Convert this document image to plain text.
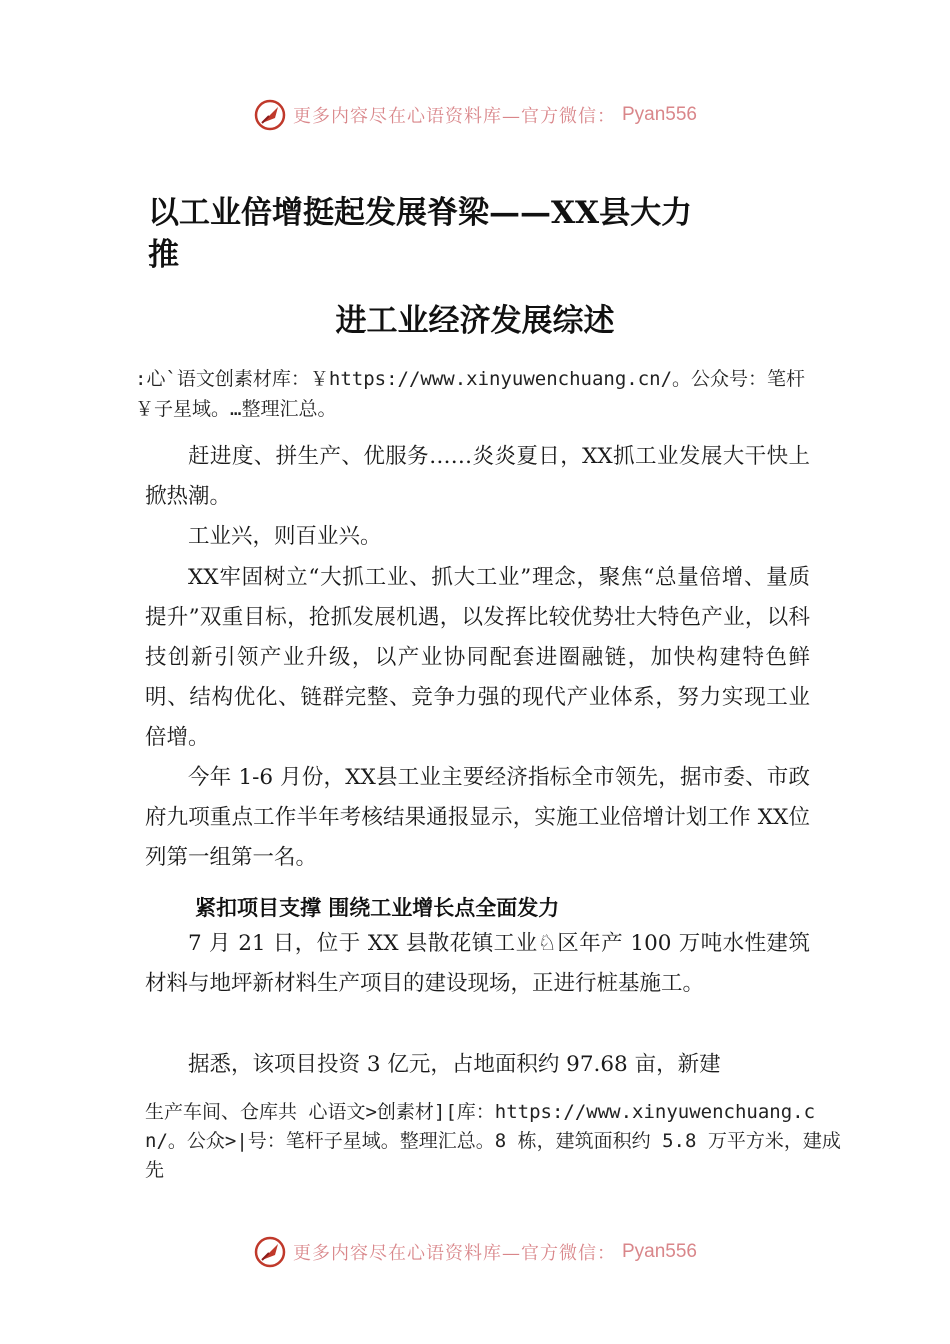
更多内容尽在心语资料库—官方微信： Pyan556
以工业倍增挺起发展脊梁——XX县大力推
进工业经济发展综述
:心`语文创素材库：￥https://www.xinyuwenchuang.cn/。公众号：笔杆￥子星域。…整理汇总。

赶进度、拼生产、优服务……炎炎夏日，XX抓工业发展大干快上掀热潮。

工业兴，则百业兴。

XX牢固树立“大抓工业、抓大工业”理念，聚焦“总量倍增、量质提升”双重目标，抢抓发展机遇，以发挥比较优势壮大特色产业，以科技创新引领产业升级，以产业协同配套进圈融链，加快构建特色鲜明、结构优化、链群完整、竞争力强的现代产业体系，努力实现工业倍增。

今年 1-6 月份，XX县工业主要经济指标全市领先，据市委、市政府九项重点工作半年考核结果通报显示，实施工业倍增计划工作 XX位列第一组第一名。

紧扣项目支撑 围绕工业增长点全面发力

7 月 21 日，位于 XX 县散花镇工业♘区年产 100 万吨水性建筑材料与地坪新材料生产项目的建设现场，正进行桩基施工。

据悉，该项目投资 3 亿元，占地面积约 97.68 亩，新建

生产车间、仓库共 心语文>创素材][库：https://www.xinyuwenchuang.cn/。公众>|号：笔杆子星域。整理汇总。8 栋，建筑面积约 5.8 万平方米，建成先
更多内容尽在心语资料库—官方微信： Pyan556
